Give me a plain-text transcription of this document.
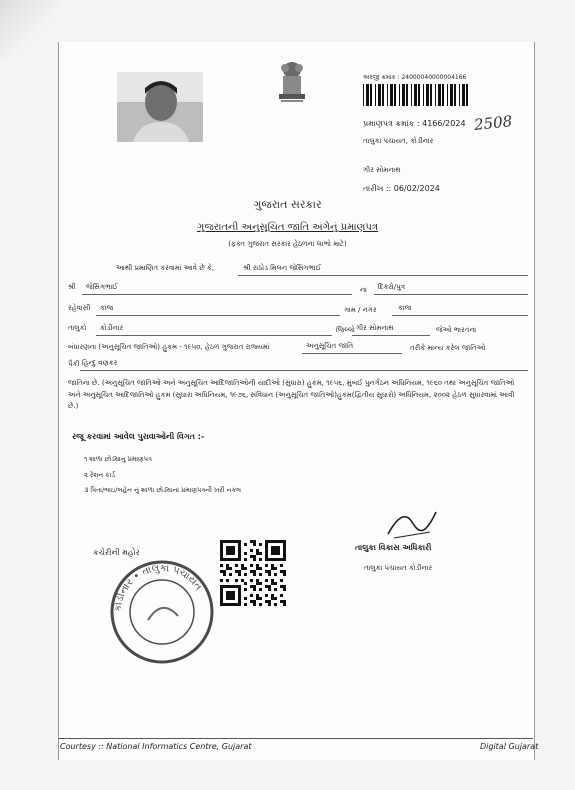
અરજી ક્રમાંક : 24000040000004166
પ્રમાણપત્ર ક્રમાંક : 4166/2024 2508
તાલુકા પંચાયત, કોડીનાર
ગીર સોમનાથ
તારીખ :: 06/02/2024
ગુજરાત સરકાર
ગુજરાતની અનુસૂચિત જાતિ અંગેનું પ્રમાણપત્ર
(ફક્ત ગુજરાત સરકાર હેઠળના લાભો માટે)
આથી પ્રમાણિત કરવામાં આવે છે કે,	શ્રી રાઠોડ મિલન જેસિંગભાઈ
શ્રી જેસિંગભાઈ	ના દિકરો/પુત્ર
રહેવાસી કાજ	ગામ / નગર	કાજ
તાલુકો કોડીનાર	જિલ્લો ગીર સોમનાથ	જેઓ ભારતના
બંધારણના (અનુસૂચિત જાતિઓ) હુકમ - ૧૯૫૦, હેઠળ ગુજરાત રાજ્યમાં	અનુસૂચિત જાતિ	તરીકે માન્ય કરેલ જાતિઓ
પૈકી હિન્દુ વણકર
જાતિના છે. (અનુસૂચિત જાતિઓ અને અનુસૂચિત આદિજાતિઓની યાદીઓ (સુધારા) હુકમ, ૧૯૫૬, મુંબઈ પુનર્ગઠન અધિનિયમ, ૧૯૬૦ તથા અનુસૂચિત જાતિઓ અને અનુસૂચિત આદિજાતિઓ હુકમ (સુધારા અધિનિયમ, ૧૯૭૬, સંવિધાન (અનુસૂચિત જાતિઓ)હુકમ(દ્વિતીય સુધારો) અધિનિયમ, ૨૦૦૨ હેઠળ સુધારવામાં આવી છે.)
રજૂ કરવામાં આવેલ પુરાવાઓની વિગત :-
૧ શાળા છોડ્યાનુ પ્રમાણપત્ર
૨ રેશન કાર્ડ
૩ પિતા/ભાઇ/બહેન નું શાળા છોડ્યાનાં પ્રમાણપત્રની ખરી નકલ
કચેરીની મહોર
કોડીનાર • તાલુકા પંચાયત
તાલુકા વિકાસ અધિકારી
તાલુકા પંચાયત કોડીનાર
Courtesy :: National Informatics Centre, Gujarat	Digital Gujarat
